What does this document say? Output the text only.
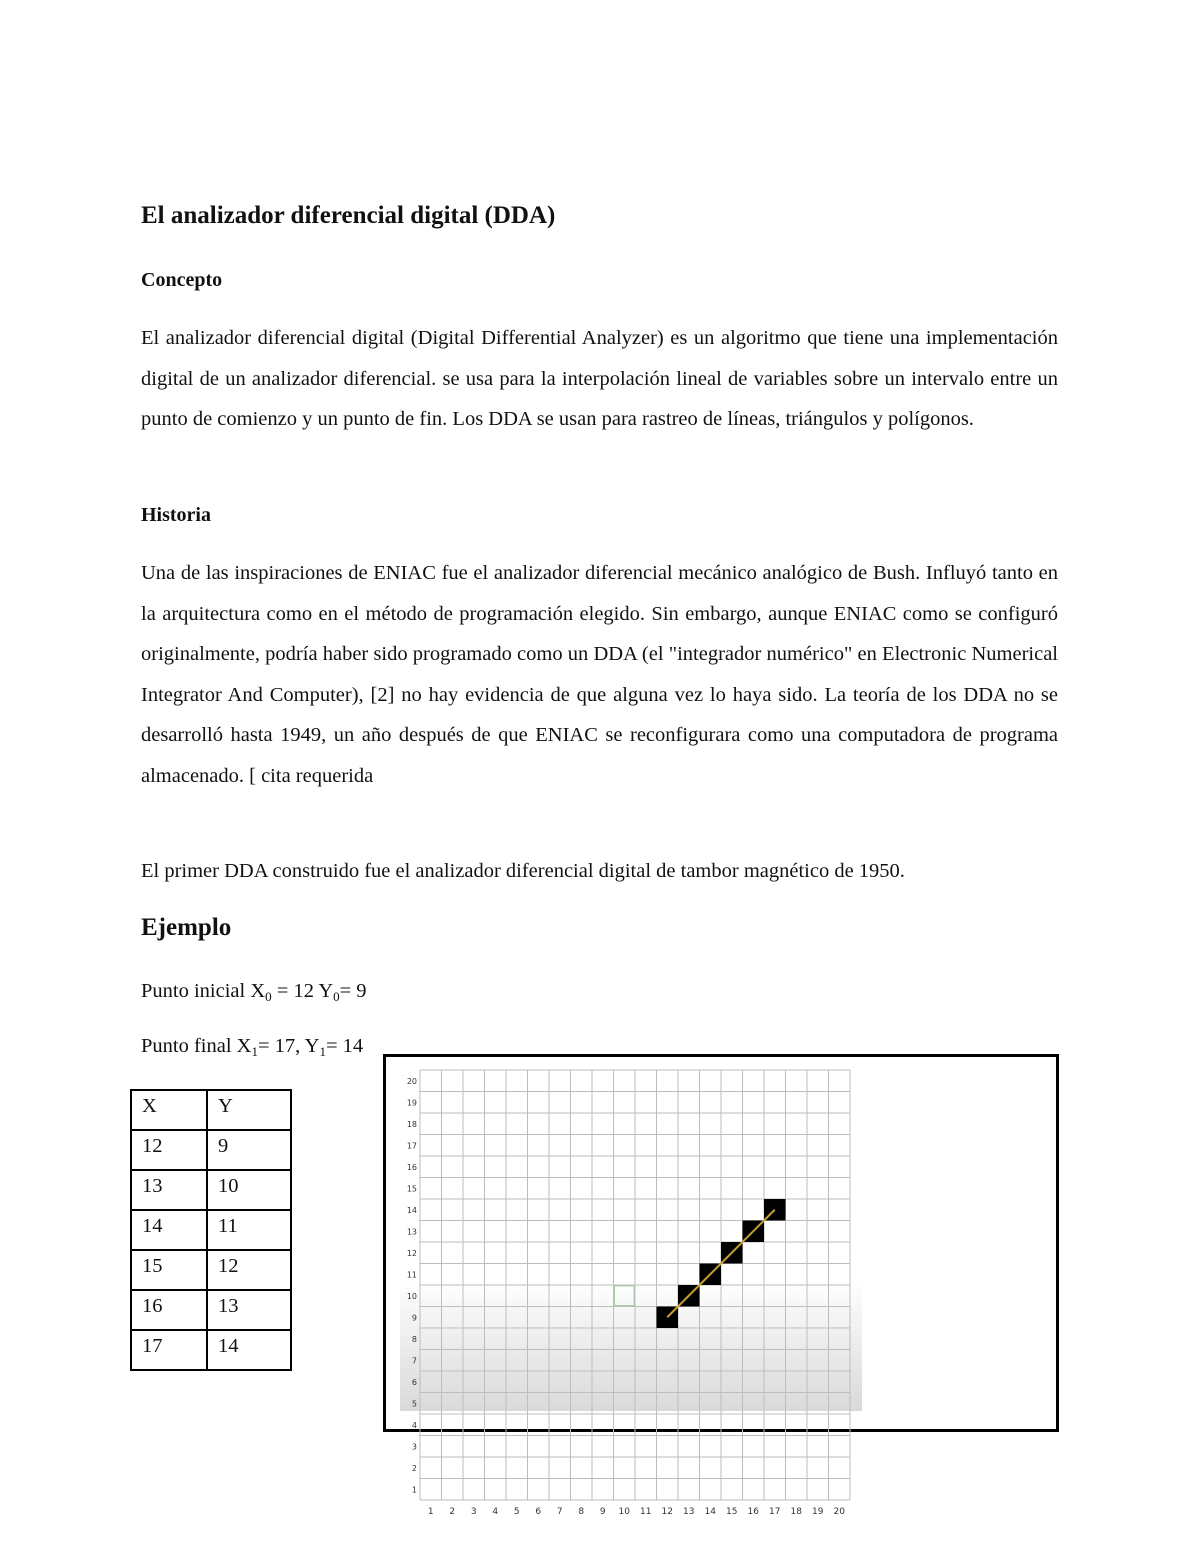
El analizador diferencial digital (DDA)
Concepto

El analizador diferencial digital (Digital Differential Analyzer) es un algoritmo que tiene una implementación digital de un analizador diferencial. se usa para la interpolación lineal de variables sobre un intervalo entre un punto de comienzo y un punto de fin. Los DDA se usan para rastreo de líneas, triángulos y polígonos.

Historia

Una de las inspiraciones de ENIAC fue el analizador diferencial mecánico analógico de Bush. Influyó tanto en la arquitectura como en el método de programación elegido. Sin embargo, aunque ENIAC como se configuró originalmente, podría haber sido programado como un DDA (el "integrador numérico" en Electronic Numerical Integrator And Computer), [2] no hay evidencia de que alguna vez lo haya sido. La teoría de los DDA no se desarrolló hasta 1949, un año después de que ENIAC se reconfigurara como una computadora de programa almacenado. [ cita requerida

El primer DDA construido fue el analizador diferencial digital de tambor magnético de 1950.

Ejemplo

Punto inicial $X_0 = 12$ $Y_0= 9$

Punto final $X_1= 17$, $Y_1= 14$

X	Y
12	9
13	10
14	11
15	12
16	13
17	14
1 2 3 4 5 6 7 8 9 10 11 12 13 14 15 16 17 18 19 20
1
2
3
4
5
6
7
8
9
10
11
12
13
14
15
16
17
18
19
20
